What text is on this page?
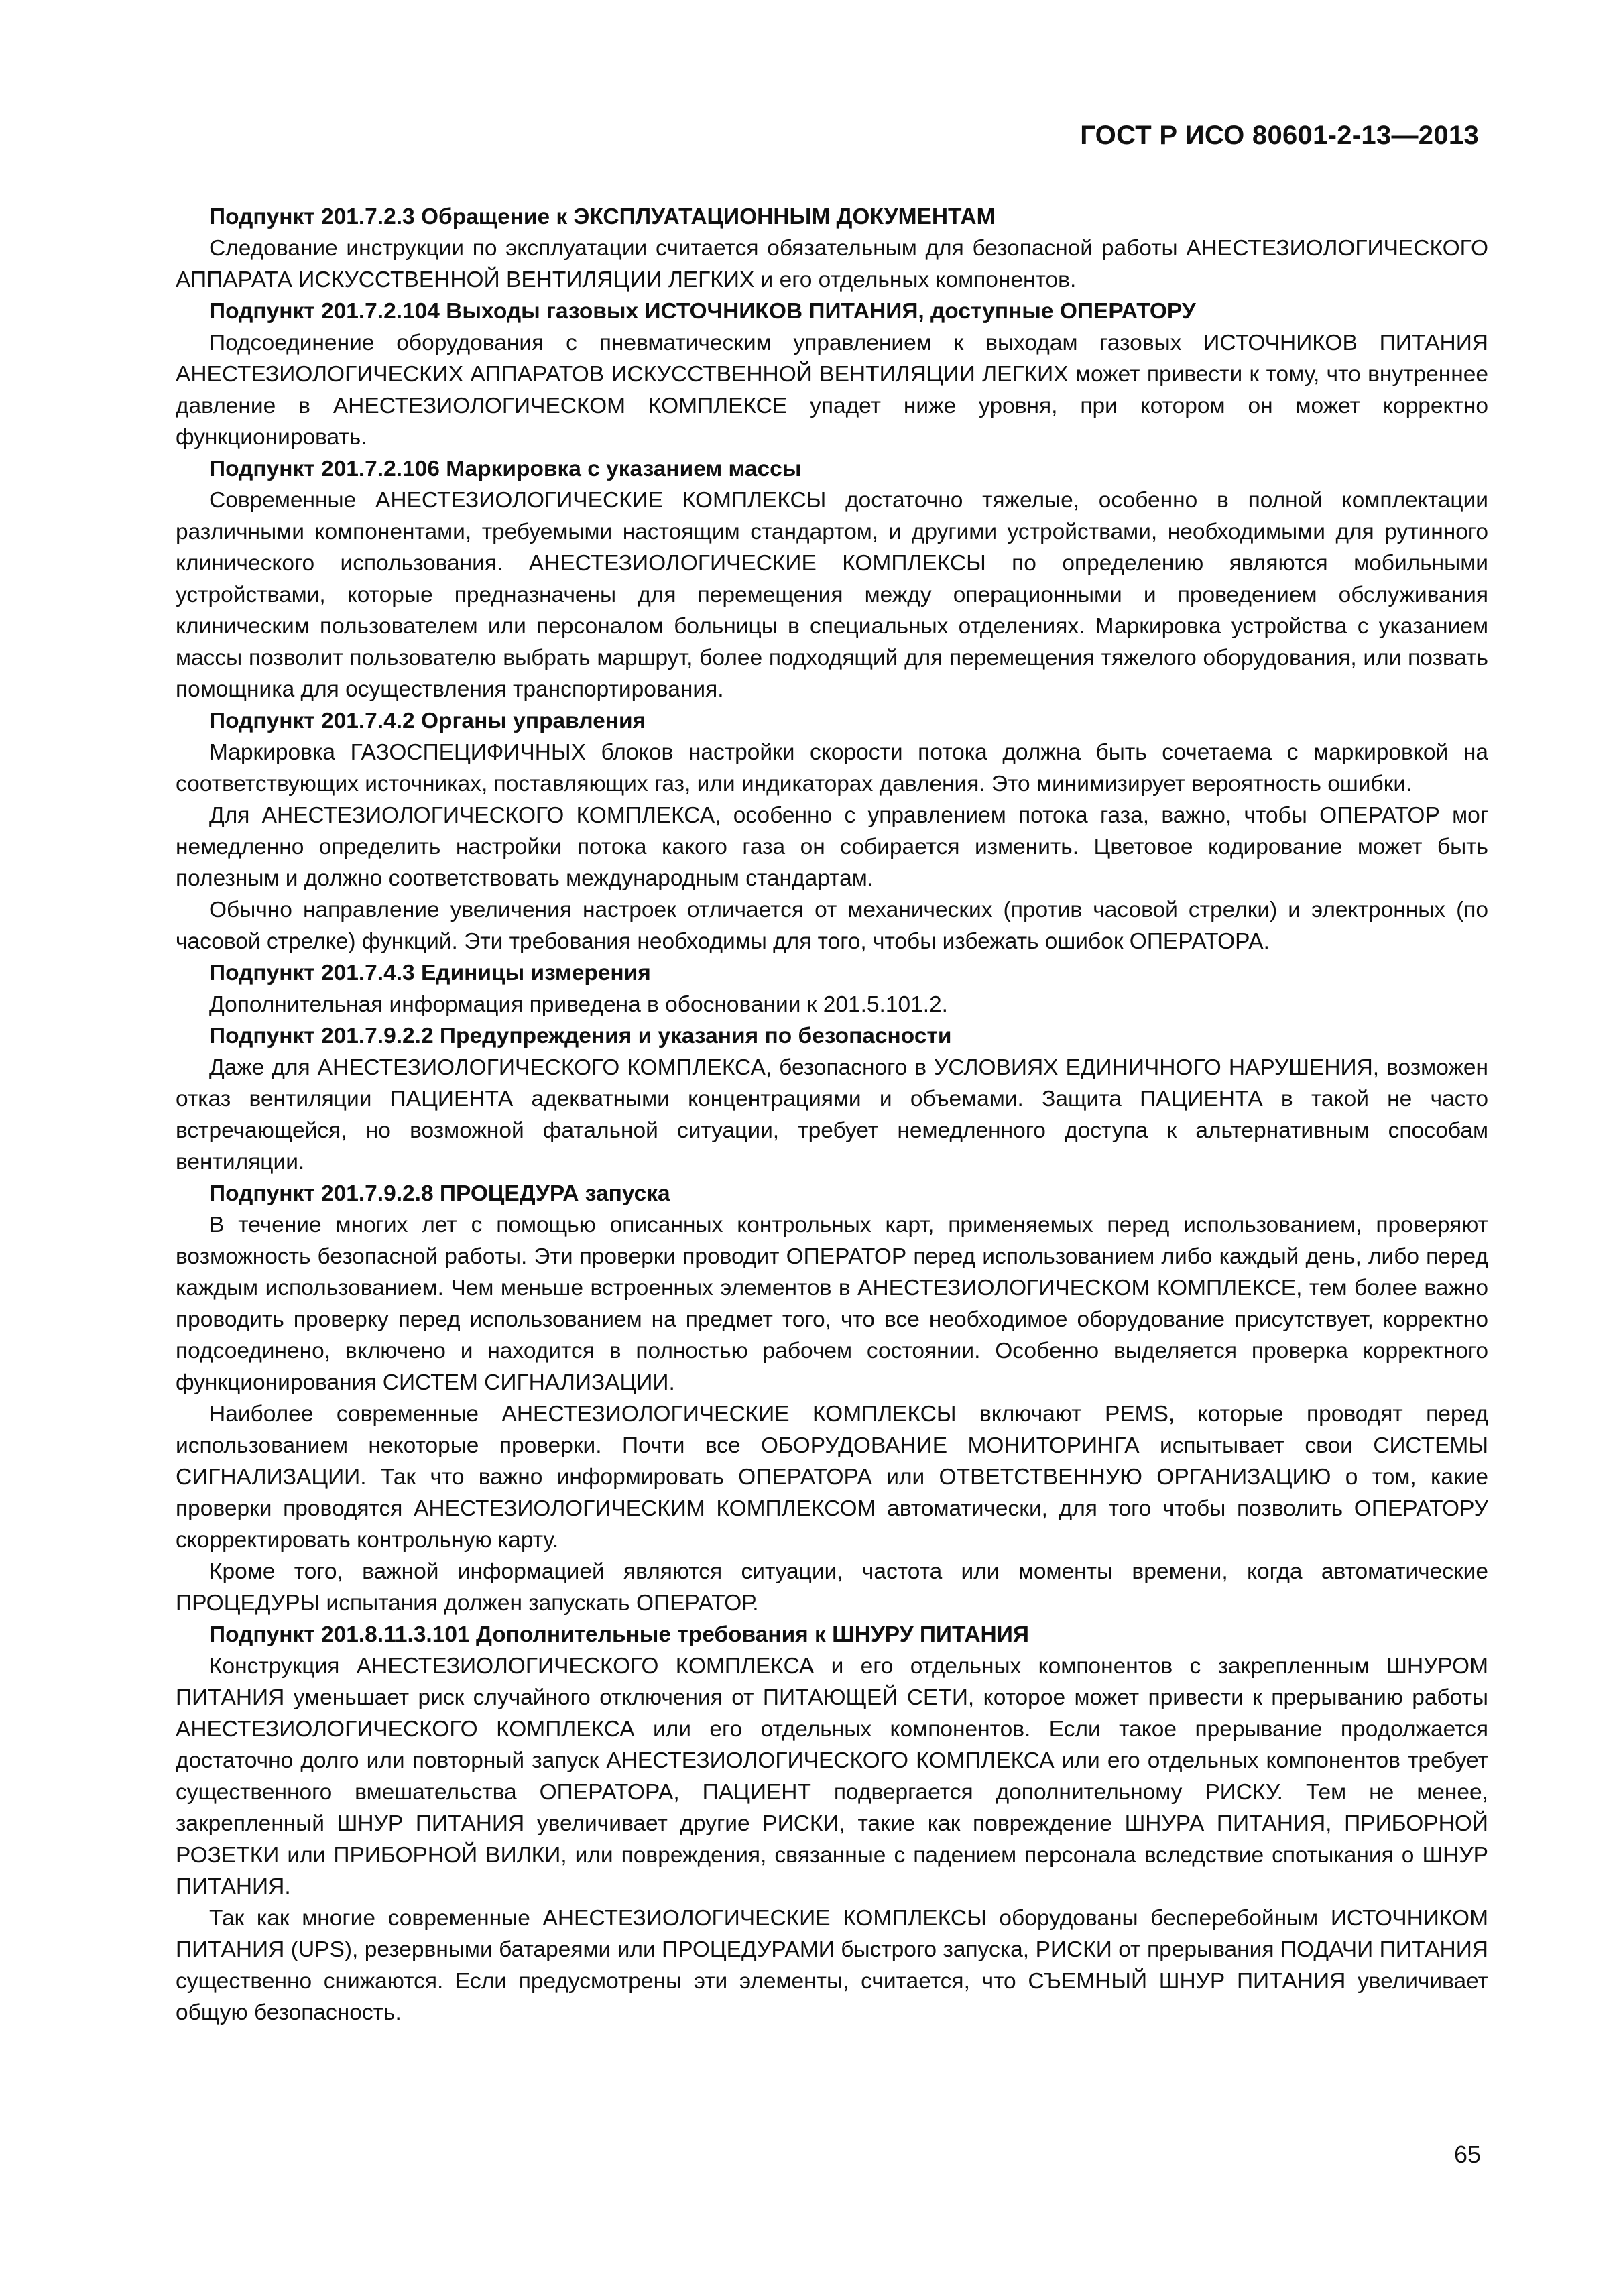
ГОСТ Р ИСО 80601-2-13—2013

Подпункт 201.7.2.3 Обращение к ЭКСПЛУАТАЦИОННЫМ ДОКУМЕНТАМ

Следование инструкции по эксплуатации считается обязательным для безопасной работы АНЕСТЕЗИОЛОГИЧЕСКОГО АППАРАТА ИСКУССТВЕННОЙ ВЕНТИЛЯЦИИ ЛЕГКИХ и его отдельных компонентов.

Подпункт 201.7.2.104 Выходы газовых ИСТОЧНИКОВ ПИТАНИЯ, доступные ОПЕРАТОРУ

Подсоединение оборудования с пневматическим управлением к выходам газовых ИСТОЧНИКОВ ПИТАНИЯ АНЕСТЕЗИОЛОГИЧЕСКИХ АППАРАТОВ ИСКУССТВЕННОЙ ВЕНТИЛЯЦИИ ЛЕГКИХ может привести к тому, что внутреннее давление в АНЕСТЕЗИОЛОГИЧЕСКОМ КОМПЛЕКСЕ упадет ниже уровня, при котором он может корректно функционировать.

Подпункт 201.7.2.106 Маркировка с указанием массы

Современные АНЕСТЕЗИОЛОГИЧЕСКИЕ КОМПЛЕКСЫ достаточно тяжелые, особенно в полной комплектации различными компонентами, требуемыми настоящим стандартом, и другими устройствами, необходимыми для рутинного клинического использования. АНЕСТЕЗИОЛОГИЧЕСКИЕ КОМПЛЕКСЫ по определению являются мобильными устройствами, которые предназначены для перемещения между операционными и проведением обслуживания клиническим пользователем или персоналом больницы в специальных отделениях. Маркировка устройства с указанием массы позволит пользователю выбрать маршрут, более подходящий для перемещения тяжелого оборудования, или позвать помощника для осуществления транспортирования.

Подпункт 201.7.4.2 Органы управления

Маркировка ГАЗОСПЕЦИФИЧНЫХ блоков настройки скорости потока должна быть сочетаема с маркировкой на соответствующих источниках, поставляющих газ, или индикаторах давления. Это минимизирует вероятность ошибки.

Для АНЕСТЕЗИОЛОГИЧЕСКОГО КОМПЛЕКСА, особенно с управлением потока газа, важно, чтобы ОПЕРАТОР мог немедленно определить настройки потока какого газа он собирается изменить. Цветовое кодирование может быть полезным и должно соответствовать международным стандартам.

Обычно направление увеличения настроек отличается от механических (против часовой стрелки) и электронных (по часовой стрелке) функций. Эти требования необходимы для того, чтобы избежать ошибок ОПЕРАТОРА.

Подпункт 201.7.4.3 Единицы измерения

Дополнительная информация приведена в обосновании к 201.5.101.2.

Подпункт 201.7.9.2.2 Предупреждения и указания по безопасности

Даже для АНЕСТЕЗИОЛОГИЧЕСКОГО КОМПЛЕКСА, безопасного в УСЛОВИЯХ ЕДИНИЧНОГО НАРУШЕНИЯ, возможен отказ вентиляции ПАЦИЕНТА адекватными концентрациями и объемами. Защита ПАЦИЕНТА в такой не часто встречающейся, но возможной фатальной ситуации, требует немедленного доступа к альтернативным способам вентиляции.

Подпункт 201.7.9.2.8 ПРОЦЕДУРА запуска

В течение многих лет с помощью описанных контрольных карт, применяемых перед использованием, проверяют возможность безопасной работы. Эти проверки проводит ОПЕРАТОР перед использованием либо каждый день, либо перед каждым использованием. Чем меньше встроенных элементов в АНЕСТЕЗИОЛОГИЧЕСКОМ КОМПЛЕКСЕ, тем более важно проводить проверку перед использованием на предмет того, что все необходимое оборудование присутствует, корректно подсоединено, включено и находится в полностью рабочем состоянии. Особенно выделяется проверка корректного функционирования СИСТЕМ СИГНАЛИЗАЦИИ.

Наиболее современные АНЕСТЕЗИОЛОГИЧЕСКИЕ КОМПЛЕКСЫ включают PEMS, которые проводят перед использованием некоторые проверки. Почти все ОБОРУДОВАНИЕ МОНИТОРИНГА испытывает свои СИСТЕМЫ СИГНАЛИЗАЦИИ. Так что важно информировать ОПЕРАТОРА или ОТВЕТСТВЕННУЮ ОРГАНИЗАЦИЮ о том, какие проверки проводятся АНЕСТЕЗИОЛОГИЧЕСКИМ КОМПЛЕКСОМ автоматически, для того чтобы позволить ОПЕРАТОРУ скорректировать контрольную карту.

Кроме того, важной информацией являются ситуации, частота или моменты времени, когда автоматические ПРОЦЕДУРЫ испытания должен запускать ОПЕРАТОР.

Подпункт 201.8.11.3.101 Дополнительные требования к ШНУРУ ПИТАНИЯ

Конструкция АНЕСТЕЗИОЛОГИЧЕСКОГО КОМПЛЕКСА и его отдельных компонентов с закрепленным ШНУРОМ ПИТАНИЯ уменьшает риск случайного отключения от ПИТАЮЩЕЙ СЕТИ, которое может привести к прерыванию работы АНЕСТЕЗИОЛОГИЧЕСКОГО КОМПЛЕКСА или его отдельных компонентов. Если такое прерывание продолжается достаточно долго или повторный запуск АНЕСТЕЗИОЛОГИЧЕСКОГО КОМПЛЕКСА или его отдельных компонентов требует существенного вмешательства ОПЕРАТОРА, ПАЦИЕНТ подвергается дополнительному РИСКУ. Тем не менее, закрепленный ШНУР ПИТАНИЯ увеличивает другие РИСКИ, такие как повреждение ШНУРА ПИТАНИЯ, ПРИБОРНОЙ РОЗЕТКИ или ПРИБОРНОЙ ВИЛКИ, или повреждения, связанные с падением персонала вследствие спотыкания о ШНУР ПИТАНИЯ.

Так как многие современные АНЕСТЕЗИОЛОГИЧЕСКИЕ КОМПЛЕКСЫ оборудованы бесперебойным ИСТОЧНИКОМ ПИТАНИЯ (UPS), резервными батареями или ПРОЦЕДУРАМИ быстрого запуска, РИСКИ от прерывания ПОДАЧИ ПИТАНИЯ существенно снижаются. Если предусмотрены эти элементы, считается, что СЪЕМНЫЙ ШНУР ПИТАНИЯ увеличивает общую безопасность.

65
